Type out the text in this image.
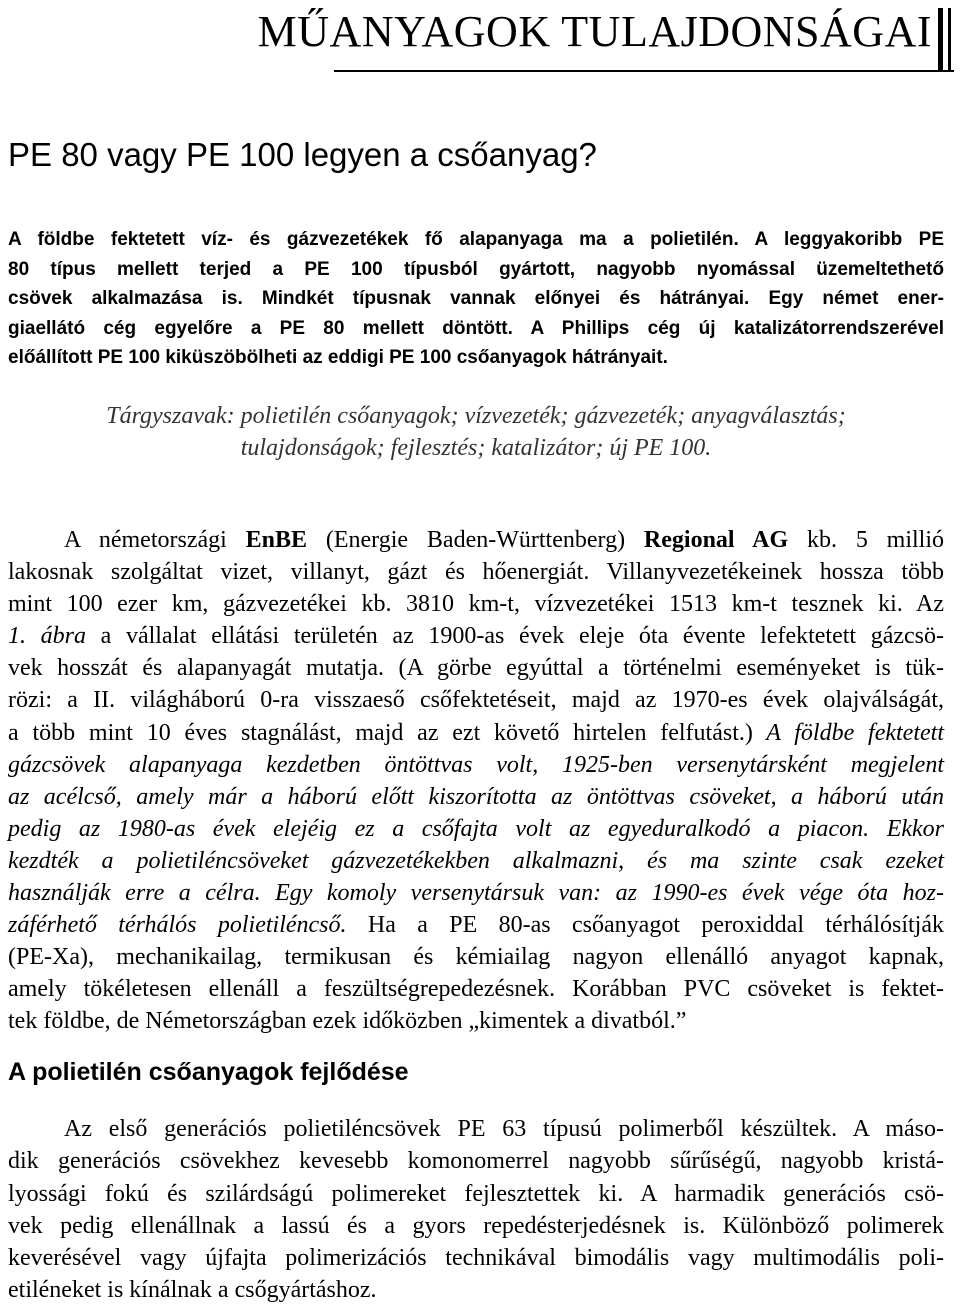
MŰANYAGOK TULAJDONSÁGAI
PE 80 vagy PE 100 legyen a csőanyag?
A földbe fektetett víz- és gázvezetékek fő alapanyaga ma a polietilén. A leggyakoribb PE
80 típus mellett terjed a PE 100 típusból gyártott, nagyobb nyomással üzemeltethető
csövek alkalmazása is. Mindkét típusnak vannak előnyei és hátrányai. Egy német ener-
giaellátó cég egyelőre a PE 80 mellett döntött. A Phillips cég új katalizátorrendszerével
előállított PE 100 kiküszöbölheti az eddigi PE 100 csőanyagok hátrányait.
Tárgyszavak: polietilén csőanyagok; vízvezeték; gázvezeték; anyagválasztás;
tulajdonságok; fejlesztés; katalizátor; új PE 100.
A németországi EnBE (Energie Baden-Württenberg) Regional AG kb. 5 millió
lakosnak szolgáltat vizet, villanyt, gázt és hőenergiát. Villanyvezetékeinek hossza több
mint 100 ezer km, gázvezetékei kb. 3810 km-t, vízvezetékei 1513 km-t tesznek ki. Az
1. ábra a vállalat ellátási területén az 1900-as évek eleje óta évente lefektetett gázcsö-
vek hosszát és alapanyagát mutatja. (A görbe egyúttal a történelmi eseményeket is tük-
rözi: a II. világháború 0-ra visszaeső csőfektetéseit, majd az 1970-es évek olajválságát,
a több mint 10 éves stagnálást, majd az ezt követő hirtelen felfutást.) A földbe fektetett
gázcsövek alapanyaga kezdetben öntöttvas volt, 1925-ben versenytársként megjelent
az acélcső, amely már a háború előtt kiszorította az öntöttvas csöveket, a háború után
pedig az 1980-as évek elejéig ez a csőfajta volt az egyeduralkodó a piacon. Ekkor
kezdték a polietiléncsöveket gázvezetékekben alkalmazni, és ma szinte csak ezeket
használják erre a célra. Egy komoly versenytársuk van: az 1990-es évek vége óta hoz-
záférhető térhálós polietiléncső. Ha a PE 80-as csőanyagot peroxiddal térhálósítják
(PE-Xa), mechanikailag, termikusan és kémiailag nagyon ellenálló anyagot kapnak,
amely tökéletesen ellenáll a feszültségrepedezésnek. Korábban PVC csöveket is fektet-
tek földbe, de Németországban ezek időközben „kimentek a divatból.”
A polietilén csőanyagok fejlődése
Az első generációs polietiléncsövek PE 63 típusú polimerből készültek. A máso-
dik generációs csövekhez kevesebb komonomerrel nagyobb sűrűségű, nagyobb kristá-
lyossági fokú és szilárdságú polimereket fejlesztettek ki. A harmadik generációs csö-
vek pedig ellenállnak a lassú és a gyors repedésterjedésnek is. Különböző polimerek
keverésével vagy újfajta polimerizációs technikával bimodális vagy multimodális poli-
etiléneket is kínálnak a csőgyártáshoz.
